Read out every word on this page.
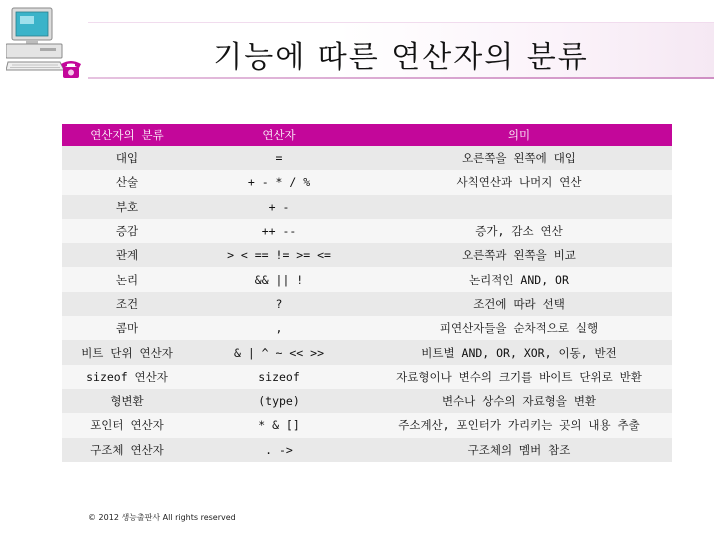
기능에 따른 연산자의 분류
연산자의 분류	연산자	의미
대입	=	오른쪽을 왼쪽에 대입
산술	+ - * / %	사칙연산과 나머지 연산
부호	+ -	
증감	++ --	증가, 감소 연산
관계	> < == != >= <=	오른쪽과 왼쪽을 비교
논리	&& || !	논리적인 AND, OR
조건	?	조건에 따라 선택
콤마	,	피연산자들을 순차적으로 실행
비트 단위 연산자	& | ^ ~ << >>	비트별 AND, OR, XOR, 이동, 반전
sizeof 연산자	sizeof	자료형이나 변수의 크기를 바이트 단위로 반환
형변환	(type)	변수나 상수의 자료형을 변환
포인터 연산자	* & []	주소계산, 포인터가 가리키는 곳의 내용 추출
구조체 연산자	. ->	구조체의 멤버 참조
© 2012 생능출판사 All rights reserved
